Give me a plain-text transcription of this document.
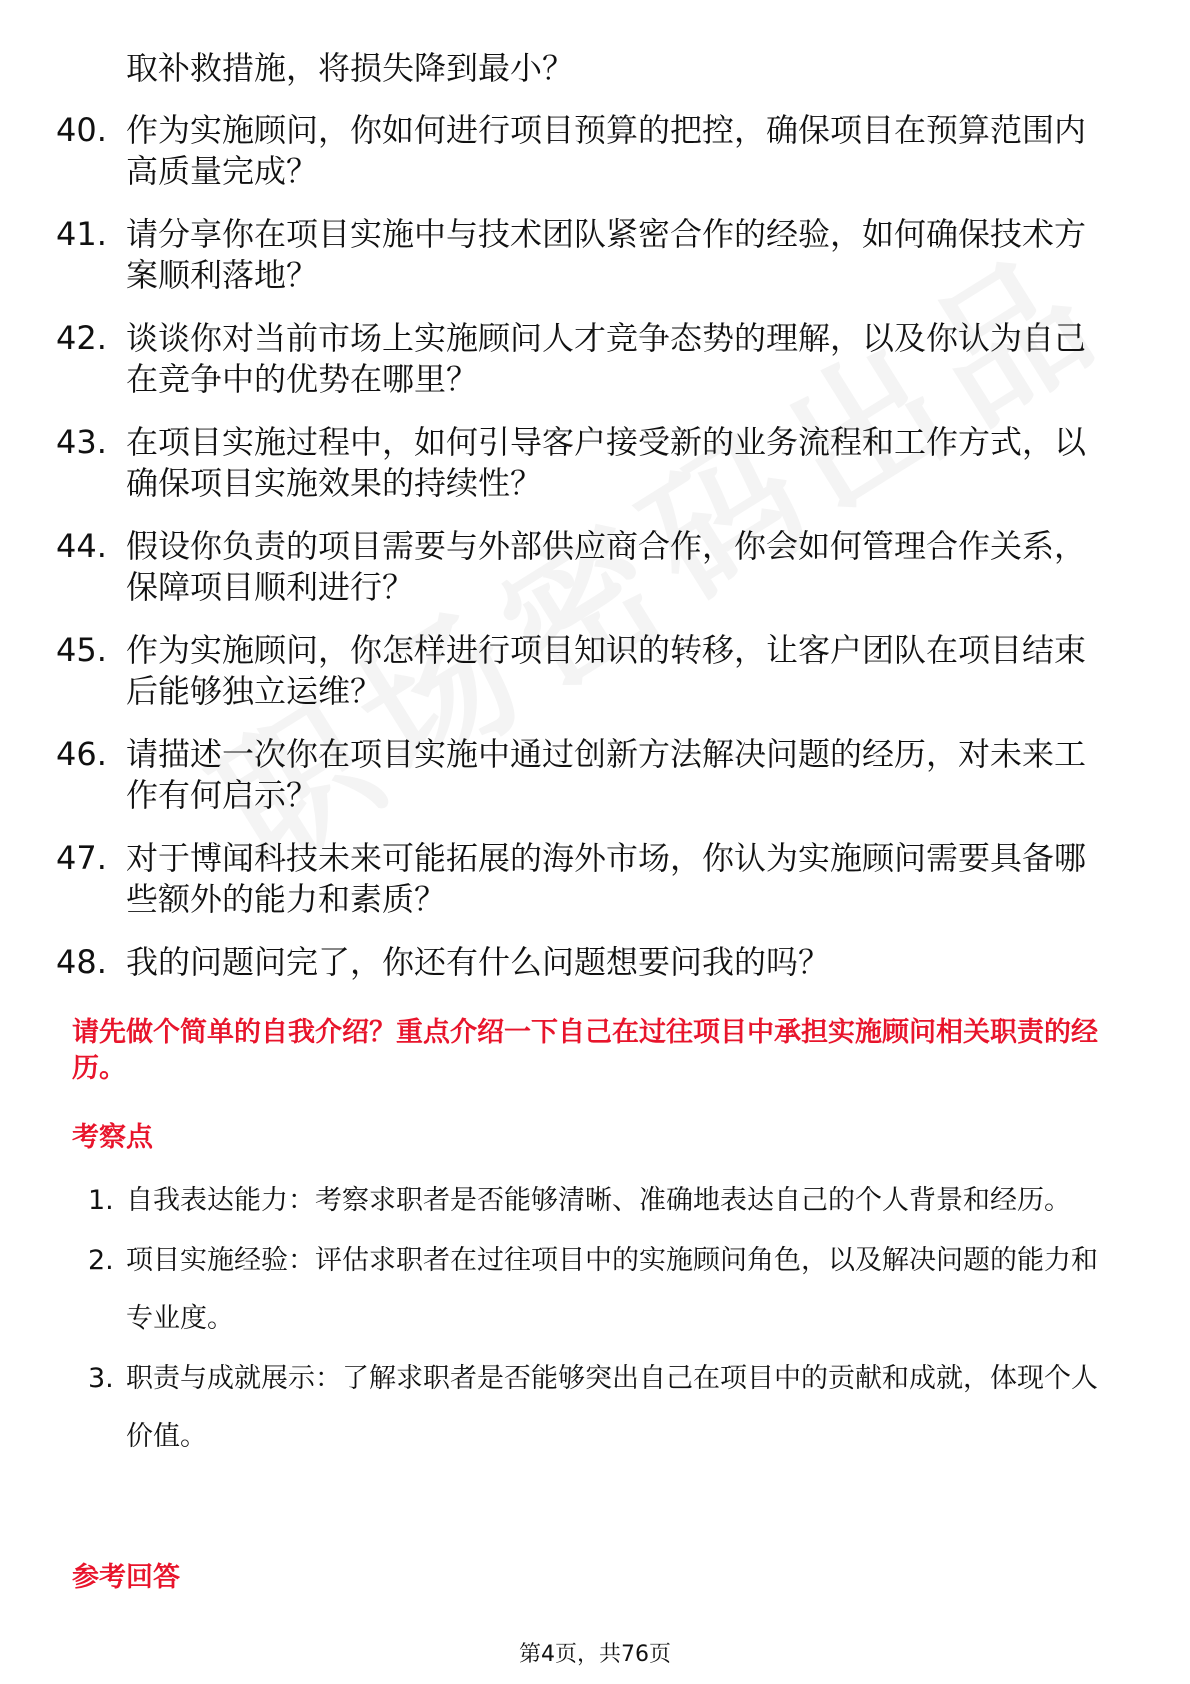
取补救措施，将损失降到最小？
40. 作为实施顾问，你如何进行项目预算的把控，确保项目在预算范围内高质量完成？
41. 请分享你在项目实施中与技术团队紧密合作的经验，如何确保技术方案顺利落地？
42. 谈谈你对当前市场上实施顾问人才竞争态势的理解，以及你认为自己在竞争中的优势在哪里？
43. 在项目实施过程中，如何引导客户接受新的业务流程和工作方式，以确保项目实施效果的持续性？
44. 假设你负责的项目需要与外部供应商合作，你会如何管理合作关系，保障项目顺利进行？
45. 作为实施顾问，你怎样进行项目知识的转移，让客户团队在项目结束后能够独立运维？
46. 请描述一次你在项目实施中通过创新方法解决问题的经历，对未来工作有何启示？
47. 对于博闻科技未来可能拓展的海外市场，你认为实施顾问需要具备哪些额外的能力和素质？
48. 我的问题问完了，你还有什么问题想要问我的吗？
请先做个简单的自我介绍？重点介绍一下自己在过往项目中承担实施顾问相关职责的经历。
考察点
1. 自我表达能力：考察求职者是否能够清晰、准确地表达自己的个人背景和经历。
2. 项目实施经验：评估求职者在过往项目中的实施顾问角色，以及解决问题的能力和专业度。
3. 职责与成就展示：了解求职者是否能够突出自己在项目中的贡献和成就，体现个人价值。
参考回答
第4页，共76页
